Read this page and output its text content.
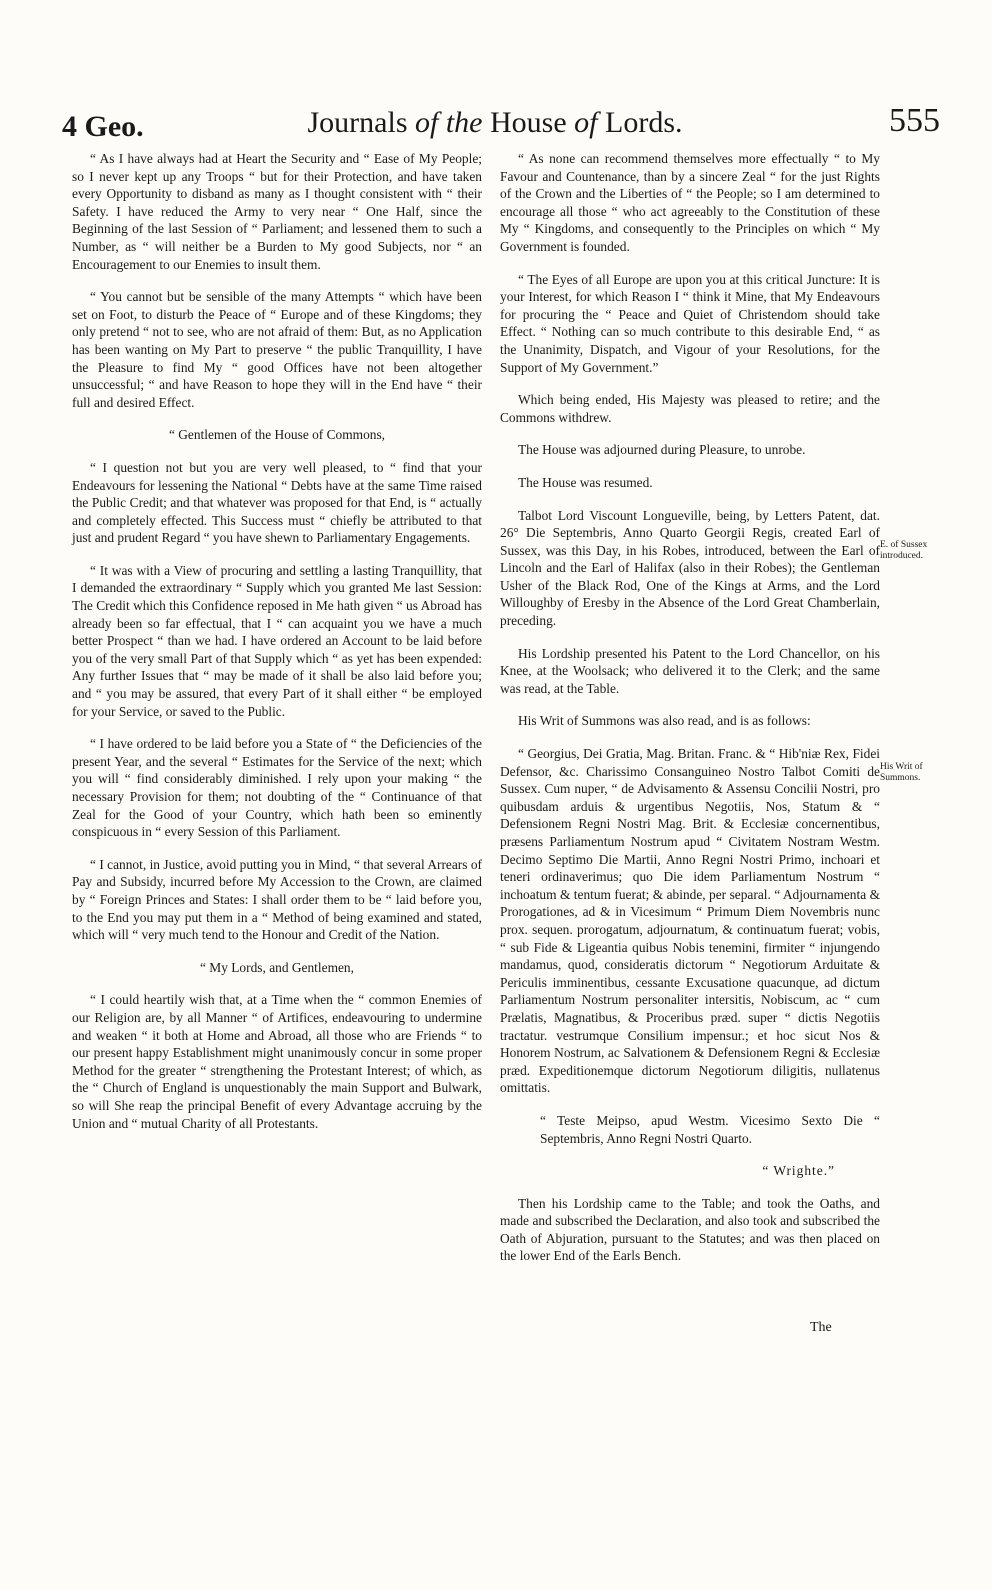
4 Geo.	Journals of the House of Lords.	555

“ As I have always had at Heart the Security and “ Ease of My People; so I never kept up any Troops “ but for their Protection, and have taken every Opportunity to disband as many as I thought consistent with “ their Safety. I have reduced the Army to very near “ One Half, since the Beginning of the last Session of “ Parliament; and lessened them to such a Number, as “ will neither be a Burden to My good Subjects, nor “ an Encouragement to our Enemies to insult them.

“ You cannot but be sensible of the many Attempts “ which have been set on Foot, to disturb the Peace of “ Europe and of these Kingdoms; they only pretend “ not to see, who are not afraid of them: But, as no Application has been wanting on My Part to preserve “ the public Tranquillity, I have the Pleasure to find My “ good Offices have not been altogether unsuccessful; “ and have Reason to hope they will in the End have “ their full and desired Effect.

“ Gentlemen of the House of Commons,

“ I question not but you are very well pleased, to “ find that your Endeavours for lessening the National “ Debts have at the same Time raised the Public Credit; and that whatever was proposed for that End, is “ actually and completely effected. This Success must “ chiefly be attributed to that just and prudent Regard “ you have shewn to Parliamentary Engagements.

“ It was with a View of procuring and settling a lasting Tranquillity, that I demanded the extraordinary “ Supply which you granted Me last Session: The Credit which this Confidence reposed in Me hath given “ us Abroad has already been so far effectual, that I “ can acquaint you we have a much better Prospect “ than we had. I have ordered an Account to be laid before you of the very small Part of that Supply which “ as yet has been expended: Any further Issues that “ may be made of it shall be also laid before you; and “ you may be assured, that every Part of it shall either “ be employed for your Service, or saved to the Public.

“ I have ordered to be laid before you a State of “ the Deficiencies of the present Year, and the several “ Estimates for the Service of the next; which you will “ find considerably diminished. I rely upon your making “ the necessary Provision for them; not doubting of the “ Continuance of that Zeal for the Good of your Country, which hath been so eminently conspicuous in “ every Session of this Parliament.

“ I cannot, in Justice, avoid putting you in Mind, “ that several Arrears of Pay and Subsidy, incurred before My Accession to the Crown, are claimed by “ Foreign Princes and States: I shall order them to be “ laid before you, to the End you may put them in a “ Method of being examined and stated, which will “ very much tend to the Honour and Credit of the Nation.

“ My Lords, and Gentlemen,

“ I could heartily wish that, at a Time when the “ common Enemies of our Religion are, by all Manner “ of Artifices, endeavouring to undermine and weaken “ it both at Home and Abroad, all those who are Friends “ to our present happy Establishment might unanimously concur in some proper Method for the greater “ strengthening the Protestant Interest; of which, as the “ Church of England is unquestionably the main Support and Bulwark, so will She reap the principal Benefit of every Advantage accruing by the Union and “ mutual Charity of all Protestants.

“ As none can recommend themselves more effectually “ to My Favour and Countenance, than by a sincere Zeal “ for the just Rights of the Crown and the Liberties of “ the People; so I am determined to encourage all those “ who act agreeably to the Constitution of these My “ Kingdoms, and consequently to the Principles on which “ My Government is founded.

“ The Eyes of all Europe are upon you at this critical Juncture: It is your Interest, for which Reason I “ think it Mine, that My Endeavours for procuring the “ Peace and Quiet of Christendom should take Effect. “ Nothing can so much contribute to this desirable End, “ as the Unanimity, Dispatch, and Vigour of your Resolutions, for the Support of My Government.”

Which being ended, His Majesty was pleased to retire; and the Commons withdrew.

The House was adjourned during Pleasure, to unrobe.

The House was resumed.

Talbot Lord Viscount Longueville, being, by Letters Patent, dat. 26° Die Septembris, Anno Quarto Georgii Regis, created Earl of Sussex, was this Day, in his Robes, introduced, between the Earl of Lincoln and the Earl of Halifax (also in their Robes); the Gentleman Usher of the Black Rod, One of the Kings at Arms, and the Lord Willoughby of Eresby in the Absence of the Lord Great Chamberlain, preceding.

His Lordship presented his Patent to the Lord Chancellor, on his Knee, at the Woolsack; who delivered it to the Clerk; and the same was read, at the Table.

His Writ of Summons was also read, and is as follows:

“ Georgius, Dei Gratia, Mag. Britan. Franc. & “ Hib'niæ Rex, Fidei Defensor, &c. Charissimo Consanguineo Nostro Talbot Comiti de Sussex. Cum nuper, “ de Advisamento & Assensu Concilii Nostri, pro quibusdam arduis & urgentibus Negotiis, Nos, Statum & “ Defensionem Regni Nostri Mag. Brit. & Ecclesiæ concernentibus, præsens Parliamentum Nostrum apud “ Civitatem Nostram Westm. Decimo Septimo Die Martii, Anno Regni Nostri Primo, inchoari et teneri ordinaverimus; quo Die idem Parliamentum Nostrum “ inchoatum & tentum fuerat; & abinde, per separal. “ Adjournamenta & Prorogationes, ad & in Vicesimum “ Primum Diem Novembris nunc prox. sequen. prorogatum, adjournatum, & continuatum fuerat; vobis, “ sub Fide & Ligeantia quibus Nobis tenemini, firmiter “ injungendo mandamus, quod, consideratis dictorum “ Negotiorum Arduitate & Periculis imminentibus, cessante Excusatione quacunque, ad dictum Parliamentum Nostrum personaliter intersitis, Nobiscum, ac “ cum Prælatis, Magnatibus, & Proceribus præd. super “ dictis Negotiis tractatur. vestrumque Consilium impensur.; et hoc sicut Nos & Honorem Nostrum, ac Salvationem & Defensionem Regni & Ecclesiæ præd. Expeditionemque dictorum Negotiorum diligitis, nullatenus omittatis.

“ Teste Meipso, apud Westm. Vicesimo Sexto Die “ Septembris, Anno Regni Nostri Quarto.

“ Wrighte.”

Then his Lordship came to the Table; and took the Oaths, and made and subscribed the Declaration, and also took and subscribed the Oath of Abjuration, pursuant to the Statutes; and was then placed on the lower End of the Earls Bench.

E. of Sussex introduced.
His Writ of Summons.
The
